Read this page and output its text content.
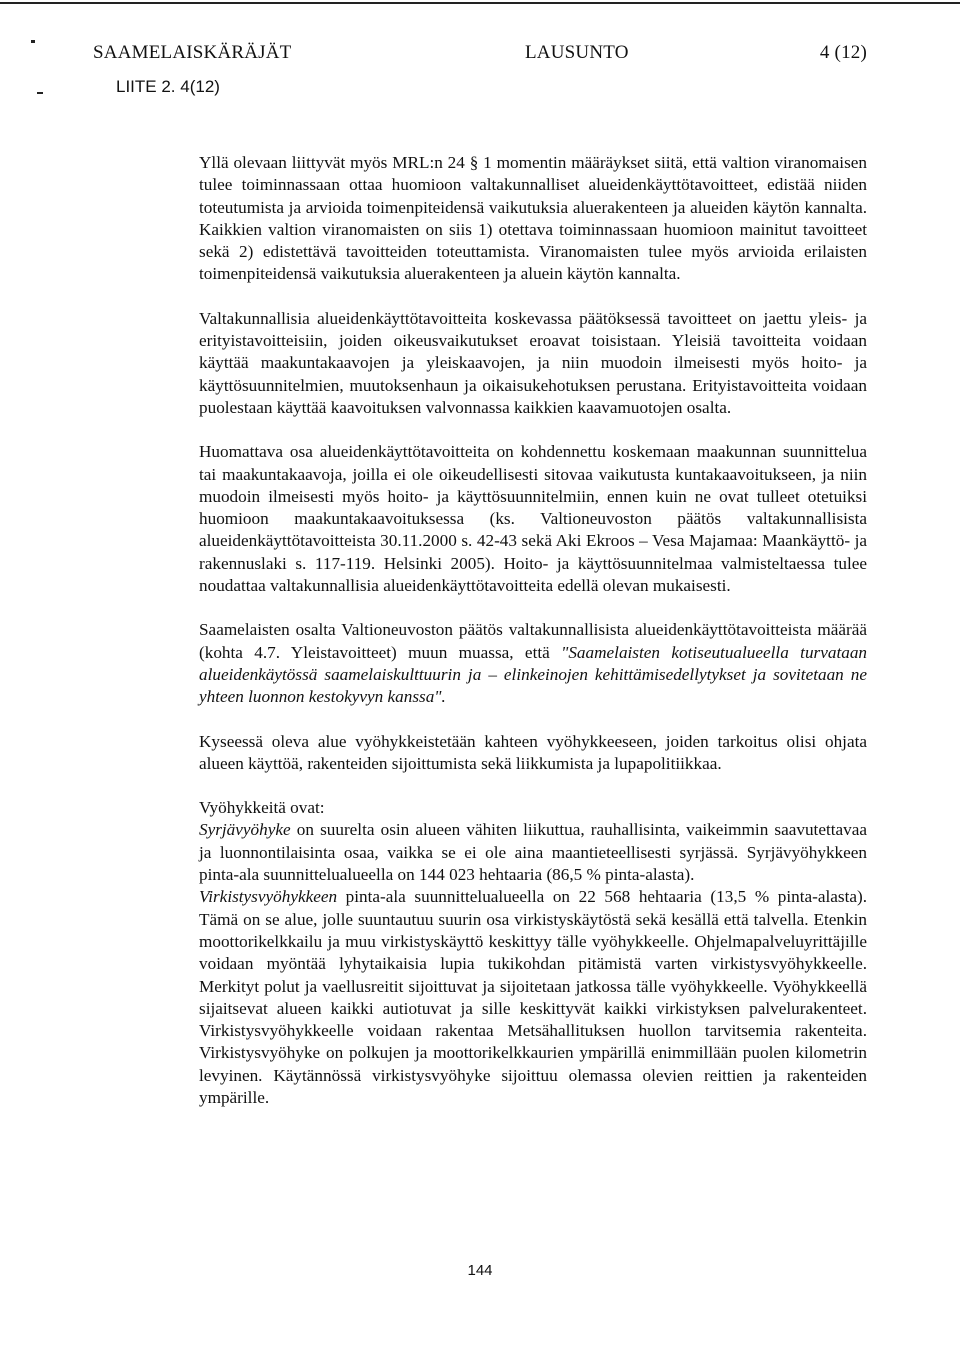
SAAMELAISKÄRÄJÄT	LAUSUNTO	4 (12)
LIITE 2. 4(12)

Yllä olevaan liittyvät myös MRL:n 24 § 1 momentin määräykset siitä, että valtion viranomaisen tulee toiminnassaan ottaa huomioon valtakunnalliset alueidenkäyttötavoitteet, edistää niiden toteutumista ja arvioida toimenpiteidensä vaikutuksia aluerakenteen ja alueiden käytön kannalta. Kaikkien valtion viranomaisten on siis 1) otettava toiminnassaan huomioon mainitut tavoitteet sekä 2) edistettävä tavoitteiden toteuttamista. Viranomaisten tulee myös arvioida erilaisten toimenpiteidensä vaikutuksia aluerakenteen ja aluein käytön kannalta.

Valtakunnallisia alueidenkäyttötavoitteita koskevassa päätöksessä tavoitteet on jaettu yleis- ja erityistavoitteisiin, joiden oikeusvaikutukset eroavat toisistaan. Yleisiä tavoitteita voidaan käyttää maakuntakaavojen ja yleiskaavojen, ja niin muodoin ilmeisesti myös hoito- ja käyttösuunnitelmien, muutoksenhaun ja oikaisukehotuksen perustana. Erityistavoitteita voidaan puolestaan käyttää kaavoituksen valvonnassa kaikkien kaavamuotojen osalta.

Huomattava osa alueidenkäyttötavoitteita on kohdennettu koskemaan maakunnan suunnittelua tai maakuntakaavoja, joilla ei ole oikeudellisesti sitovaa vaikutusta kuntakaavoitukseen, ja niin muodoin ilmeisesti myös hoito- ja käyttösuunnitelmiin, ennen kuin ne ovat tulleet otetuiksi huomioon maakuntakaavoituksessa (ks. Valtioneuvoston päätös valtakunnallisista alueidenkäyttötavoitteista 30.11.2000 s. 42-43 sekä Aki Ekroos – Vesa Majamaa: Maankäyttö- ja rakennuslaki s. 117-119. Helsinki 2005). Hoito- ja käyttösuunnitelmaa valmisteltaessa tulee noudattaa valtakunnallisia alueidenkäyttötavoitteita edellä olevan mukaisesti.

Saamelaisten osalta Valtioneuvoston päätös valtakunnallisista alueidenkäyttötavoitteista määrää (kohta 4.7. Yleistavoitteet) muun muassa, että "Saamelaisten kotiseutualueella turvataan alueidenkäytössä saamelaiskulttuurin ja – elinkeinojen kehittämisedellytykset ja sovitetaan ne yhteen luonnon kestokyvyn kanssa".

Kyseessä oleva alue vyöhykkeistetään kahteen vyöhykkeeseen, joiden tarkoitus olisi ohjata alueen käyttöä, rakenteiden sijoittumista sekä liikkumista ja lupapolitiikkaa.

Vyöhykkeitä ovat:

Syrjävyöhyke on suurelta osin alueen vähiten liikuttua, rauhallisinta, vaikeimmin saavutettavaa ja luonnontilaisinta osaa, vaikka se ei ole aina maantieteellisesti syrjässä. Syrjävyöhykkeen pinta-ala suunnittelualueella on 144 023 hehtaaria (86,5 % pinta-alasta).

Virkistysvyöhykkeen pinta-ala suunnittelualueella on 22 568 hehtaaria (13,5 % pinta-alasta). Tämä on se alue, jolle suuntautuu suurin osa virkistyskäytöstä sekä kesällä että talvella. Etenkin moottorikelkkailu ja muu virkistyskäyttö keskittyy tälle vyöhykkeelle. Ohjelmapalveluyrittäjille voidaan myöntää lyhytaikaisia lupia tukikohdan pitämistä varten virkistysvyöhykkeelle. Merkityt polut ja vaellusreitit sijoittuvat ja sijoitetaan jatkossa tälle vyöhykkeelle. Vyöhykkeellä sijaitsevat alueen kaikki autiotuvat ja sille keskittyvät kaikki virkistyksen palvelurakenteet. Virkistysvyöhykkeelle voidaan rakentaa Metsähallituksen huollon tarvitsemia rakenteita. Virkistysvyöhyke on polkujen ja moottorikelkkaurien ympärillä enimmillään puolen kilometrin levyinen. Käytännössä virkistysvyöhyke sijoittuu olemassa olevien reittien ja rakenteiden ympärille.

144
